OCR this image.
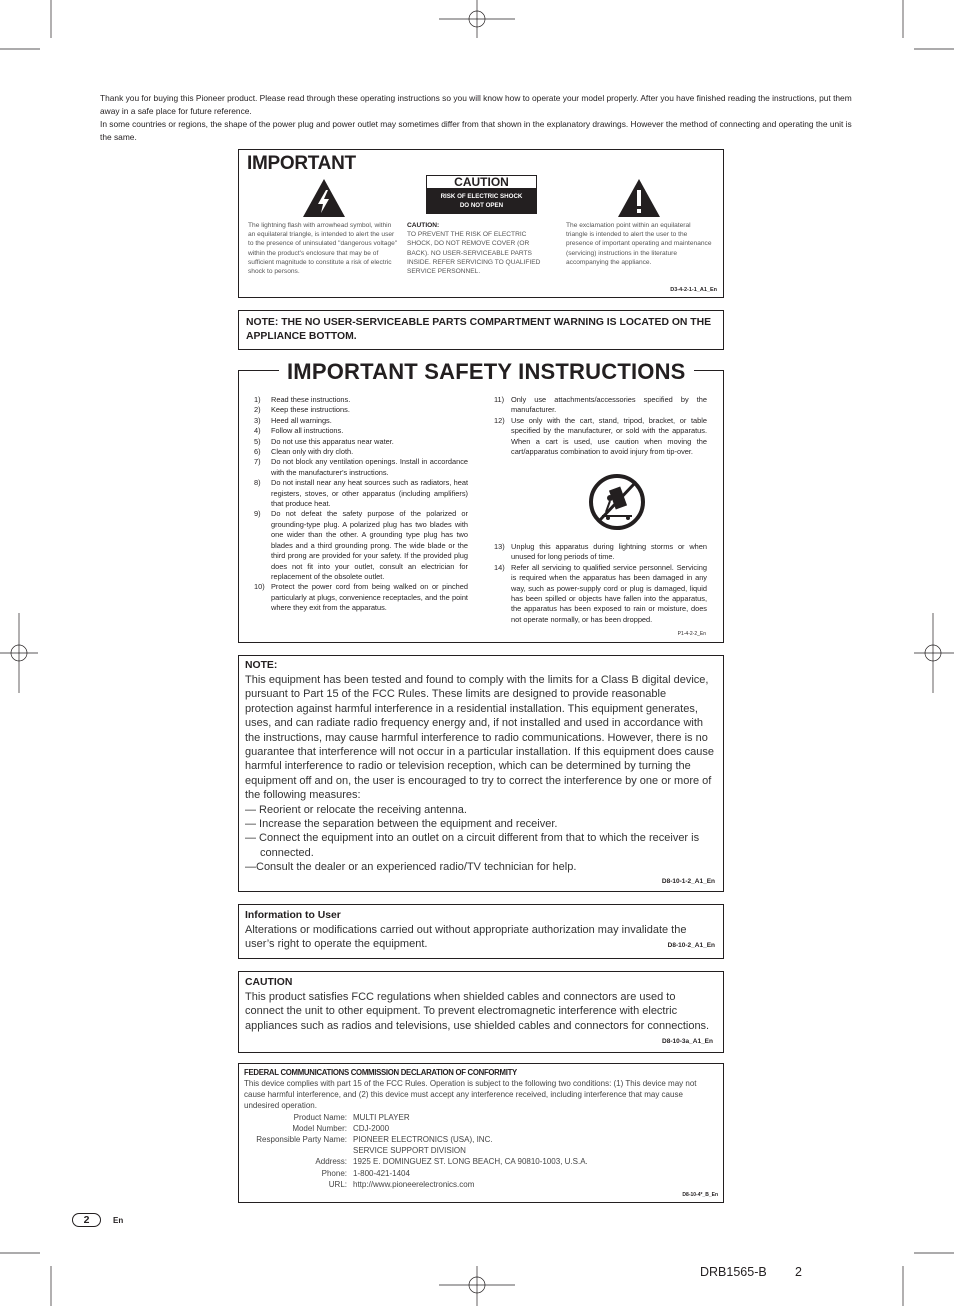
Thank you for buying this Pioneer product. Please read through these operating instructions so you will know how to operate your model properly. After you have finished reading the instructions, put them away in a safe place for future reference.

In some countries or regions, the shape of the power plug and power outlet may sometimes differ from that shown in the explanatory drawings. However the method of connecting and operating the unit is the same.

IMPORTANT
CAUTION
RISK OF ELECTRIC SHOCK
DO NOT OPEN
The lightning flash with arrowhead symbol, within an equilateral triangle, is intended to alert the user to the presence of uninsulated "dangerous voltage" within the product's enclosure that may be of sufficient magnitude to constitute a risk of electric shock to persons.
CAUTION:
TO PREVENT THE RISK OF ELECTRIC SHOCK, DO NOT REMOVE COVER (OR BACK). NO USER-SERVICEABLE PARTS INSIDE. REFER SERVICING TO QUALIFIED SERVICE PERSONNEL.
The exclamation point within an equilateral triangle is intended to alert the user to the presence of important operating and maintenance (servicing) instructions in the literature accompanying the appliance.
D3-4-2-1-1_A1_En
NOTE: THE NO USER-SERVICEABLE PARTS COMPARTMENT WARNING IS LOCATED ON THE APPLIANCE BOTTOM.
IMPORTANT SAFETY INSTRUCTIONS
1) Read these instructions.
2) Keep these instructions.
3) Heed all warnings.
4) Follow all instructions.
5) Do not use this apparatus near water.
6) Clean only with dry cloth.
7) Do not block any ventilation openings. Install in accordance with the manufacturer's instructions.
8) Do not install near any heat sources such as radiators, heat registers, stoves, or other apparatus (including amplifiers) that produce heat.
9) Do not defeat the safety purpose of the polarized or grounding-type plug. A polarized plug has two blades with one wider than the other. A grounding type plug has two blades and a third grounding prong. The wide blade or the third prong are provided for your safety. If the provided plug does not fit into your outlet, consult an electrician for replacement of the obsolete outlet.
10) Protect the power cord from being walked on or pinched particularly at plugs, convenience receptacles, and the point where they exit from the apparatus.
11) Only use attachments/accessories specified by the manufacturer.
12) Use only with the cart, stand, tripod, bracket, or table specified by the manufacturer, or sold with the apparatus. When a cart is used, use caution when moving the cart/apparatus combination to avoid injury from tip-over.
13) Unplug this apparatus during lightning storms or when unused for long periods of time.
14) Refer all servicing to qualified service personnel. Servicing is required when the apparatus has been damaged in any way, such as power-supply cord or plug is damaged, liquid has been spilled or objects have fallen into the apparatus, the apparatus has been exposed to rain or moisture, does not operate normally, or has been dropped.
P1-4-2-2_En
NOTE:
This equipment has been tested and found to comply with the limits for a Class B digital device, pursuant to Part 15 of the FCC Rules. These limits are designed to provide reasonable protection against harmful interference in a residential installation. This equipment generates, uses, and can radiate radio frequency energy and, if not installed and used in accordance with the instructions, may cause harmful interference to radio communications. However, there is no guarantee that interference will not occur in a particular installation. If this equipment does cause harmful interference to radio or television reception, which can be determined by turning the equipment off and on, the user is encouraged to try to correct the interference by one or more of the following measures:
— Reorient or relocate the receiving antenna.
— Increase the separation between the equipment and receiver.
— Connect the equipment into an outlet on a circuit different from that to which the receiver is connected.
—Consult the dealer or an experienced radio/TV technician for help.
D8-10-1-2_A1_En
Information to User
Alterations or modifications carried out without appropriate authorization may invalidate the user’s right to operate the equipment.	D8-10-2_A1_En
CAUTION
This product satisfies FCC regulations when shielded cables and connectors are used to connect the unit to other equipment. To prevent electromagnetic interference with electric appliances such as radios and televisions, use shielded cables and connectors for connections.
D8-10-3a_A1_En
FEDERAL COMMUNICATIONS COMMISSION DECLARATION OF CONFORMITY
This device complies with part 15 of the FCC Rules. Operation is subject to the following two conditions: (1) This device may not cause harmful interference, and (2) this device must accept any interference received, including interference that may cause undesired operation.
Product Name: MULTI PLAYER
Model Number: CDJ-2000
Responsible Party Name: PIONEER ELECTRONICS (USA), INC.
SERVICE SUPPORT DIVISION
Address: 1925 E. DOMINGUEZ ST. LONG BEACH, CA 90810-1003, U.S.A.
Phone: 1-800-421-1404
URL: http://www.pioneerelectronics.com
D8-10-4*_B_En
2	En
DRB1565-B 2
